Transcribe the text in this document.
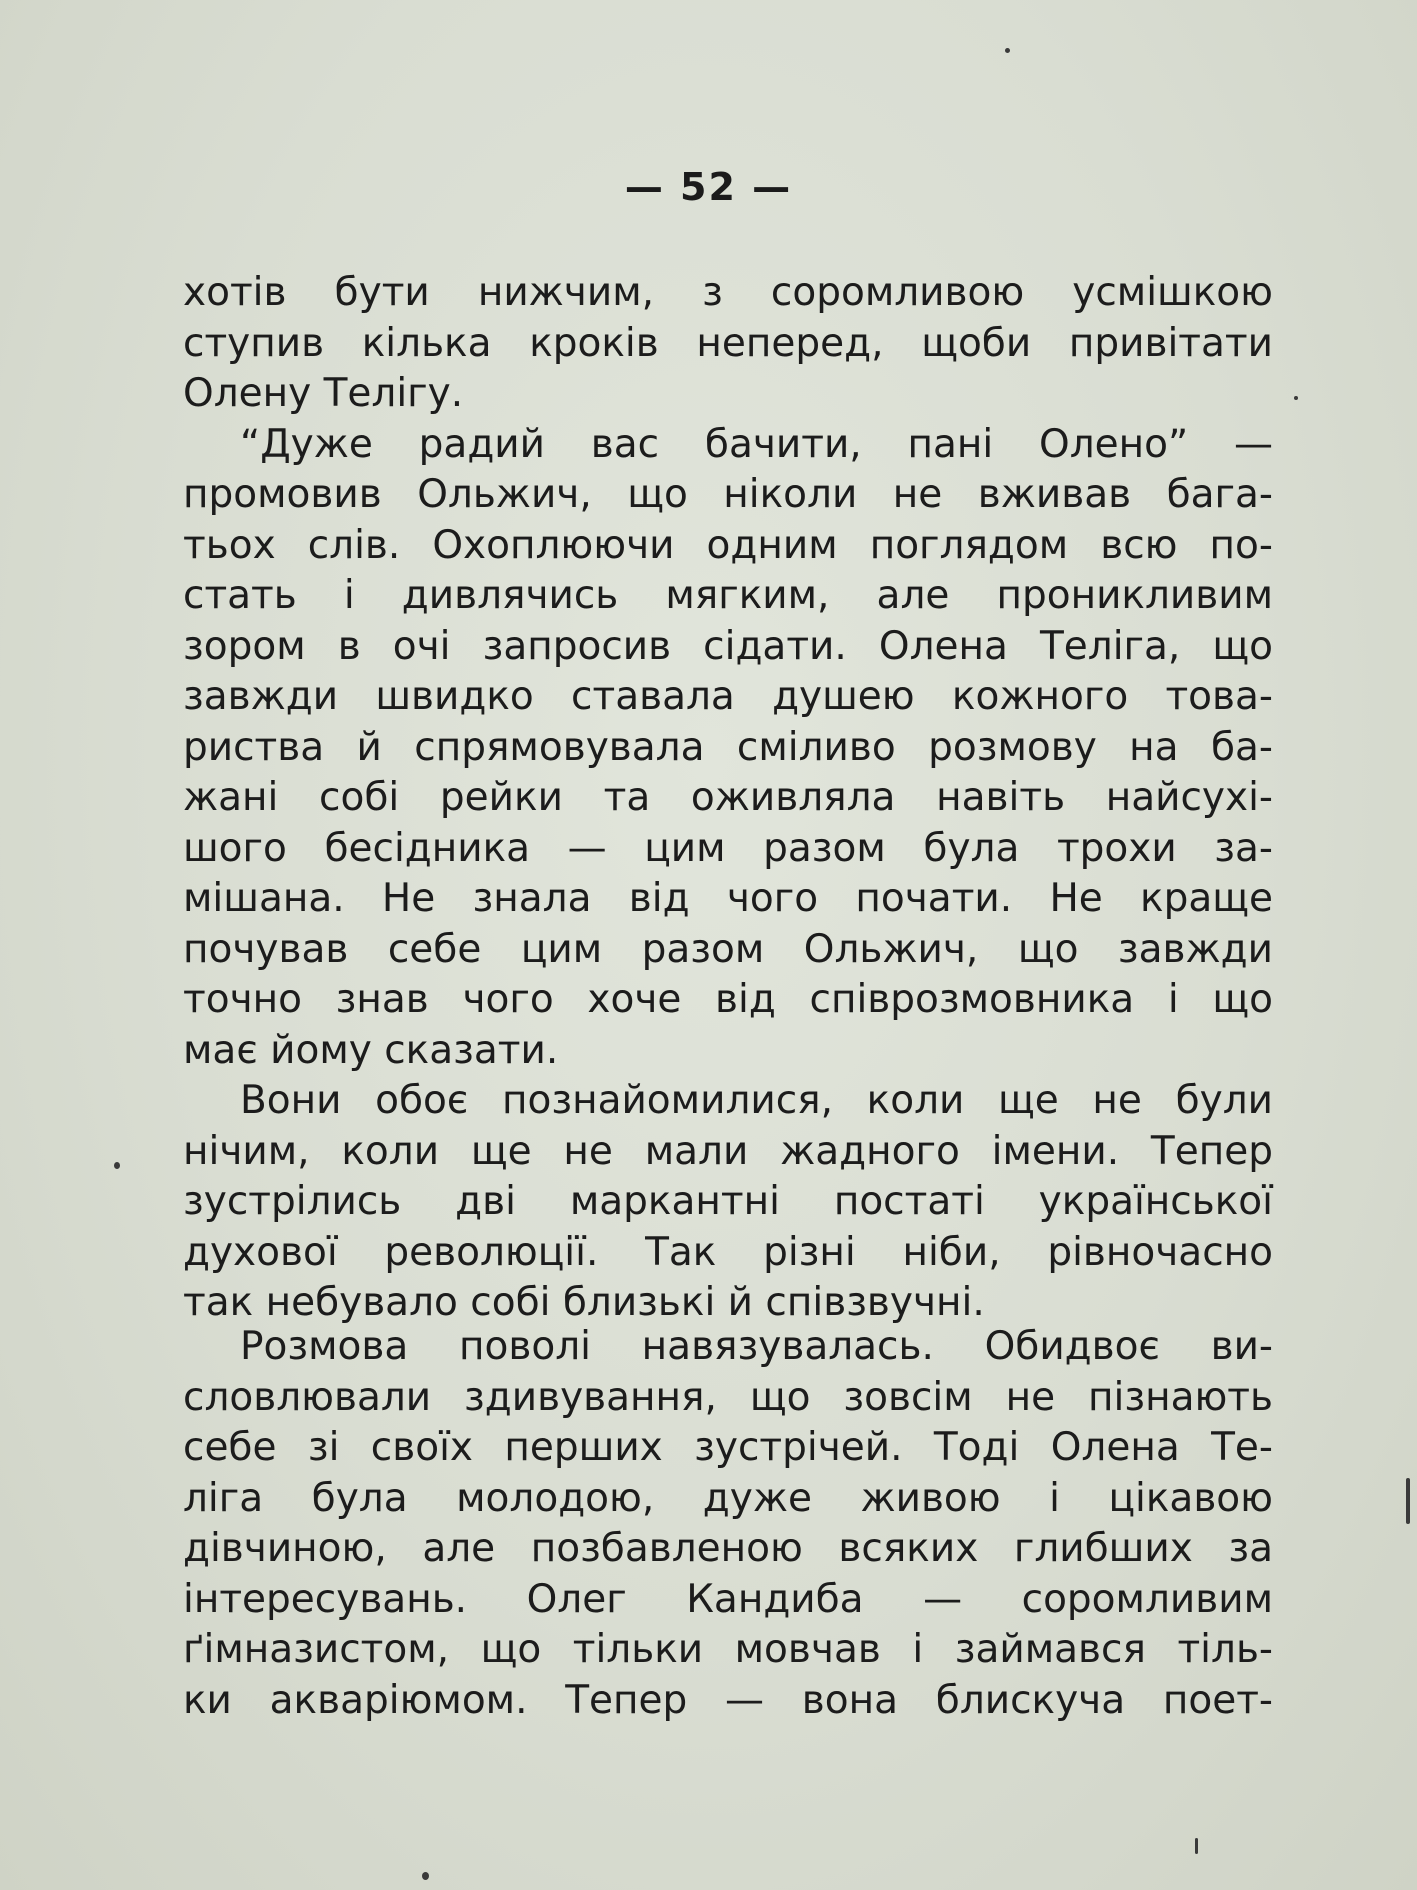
— 52 —
хотів бути нижчим, з соромливою усмішкою
ступив кілька кроків неперед, щоби привітати
Олену Телігу.
“Дуже радий вас бачити, пані Олено” —
промовив Ольжич, що ніколи не вживав бага-
тьох слів. Охоплюючи одним поглядом всю по-
стать і дивлячись мягким, але проникливим
зором в очі запросив сідати. Олена Теліга, що
завжди швидко ставала душею кожного това-
риства й спрямовувала сміливо розмову на ба-
жані собі рейки та оживляла навіть найсухі-
шого бесідника — цим разом була трохи за-
мішана. Не знала від чого почати. Не краще
почував себе цим разом Ольжич, що завжди
точно знав чого хоче від співрозмовника і що
має йому сказати.
Вони обоє познайомилися, коли ще не були
нічим, коли ще не мали жадного імени. Тепер
зустрілись дві маркантні постаті української
духової революції. Так різні ніби, рівночасно
так небувало собі близькі й співзвучні.
Розмова поволі навязувалась. Обидвоє ви-
словлювали здивування, що зовсім не пізнають
себе зі своїх перших зустрічей. Тоді Олена Те-
ліга була молодою, дуже живою і цікавою
дівчиною, але позбавленою всяких глибших за
інтересувань. Олег Кандиба — соромливим
ґімназистом, що тільки мовчав і займався тіль-
ки акваріюмом. Тепер — вона блискуча поет-
